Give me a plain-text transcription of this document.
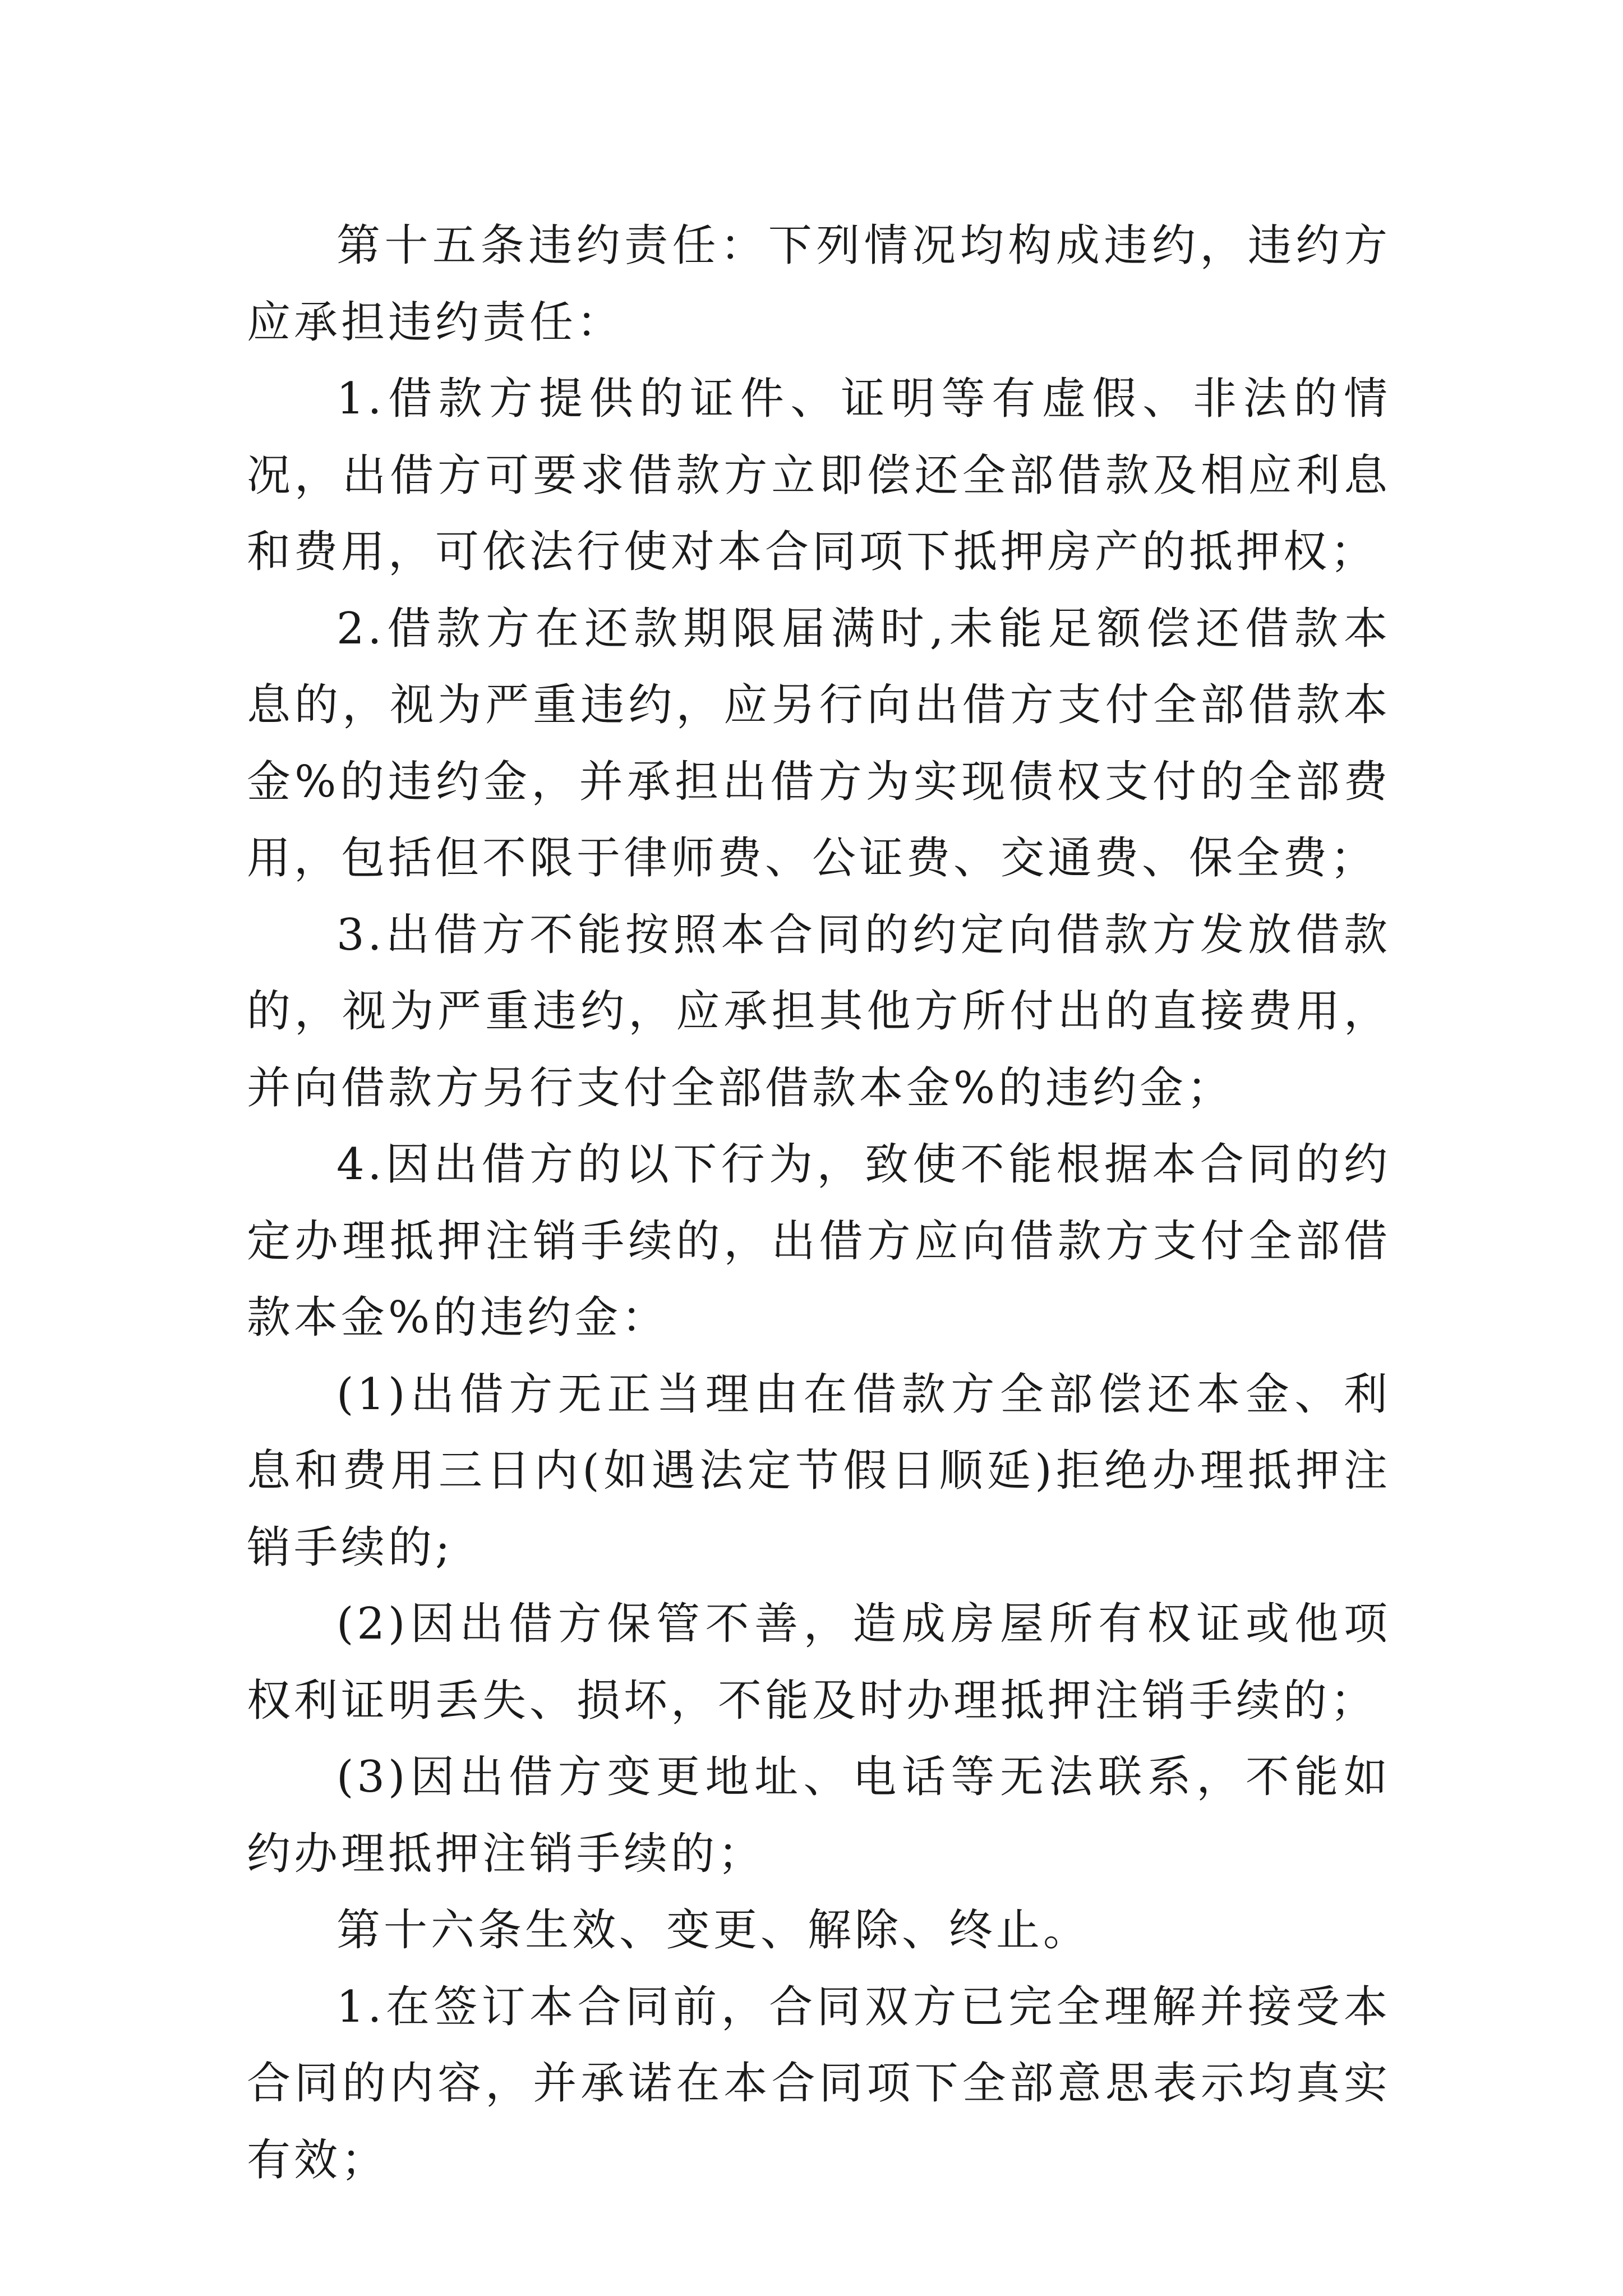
第十五条违约责任：下列情况均构成违约，违约方应承担违约责任：

1.借款方提供的证件、证明等有虚假、非法的情况，出借方可要求借款方立即偿还全部借款及相应利息和费用，可依法行使对本合同项下抵押房产的抵押权；

2.借款方在还款期限届满时,未能足额偿还借款本息的，视为严重违约，应另行向出借方支付全部借款本金%的违约金，并承担出借方为实现债权支付的全部费用，包括但不限于律师费、公证费、交通费、保全费；

3.出借方不能按照本合同的约定向借款方发放借款的，视为严重违约，应承担其他方所付出的直接费用，并向借款方另行支付全部借款本金%的违约金；

4.因出借方的以下行为，致使不能根据本合同的约定办理抵押注销手续的，出借方应向借款方支付全部借款本金%的违约金：

(1)出借方无正当理由在借款方全部偿还本金、利息和费用三日内(如遇法定节假日顺延)拒绝办理抵押注销手续的;

(2)因出借方保管不善，造成房屋所有权证或他项权利证明丢失、损坏，不能及时办理抵押注销手续的；

(3)因出借方变更地址、电话等无法联系，不能如约办理抵押注销手续的；

第十六条生效、变更、解除、终止。

1.在签订本合同前，合同双方已完全理解并接受本合同的内容，并承诺在本合同项下全部意思表示均真实有效；
